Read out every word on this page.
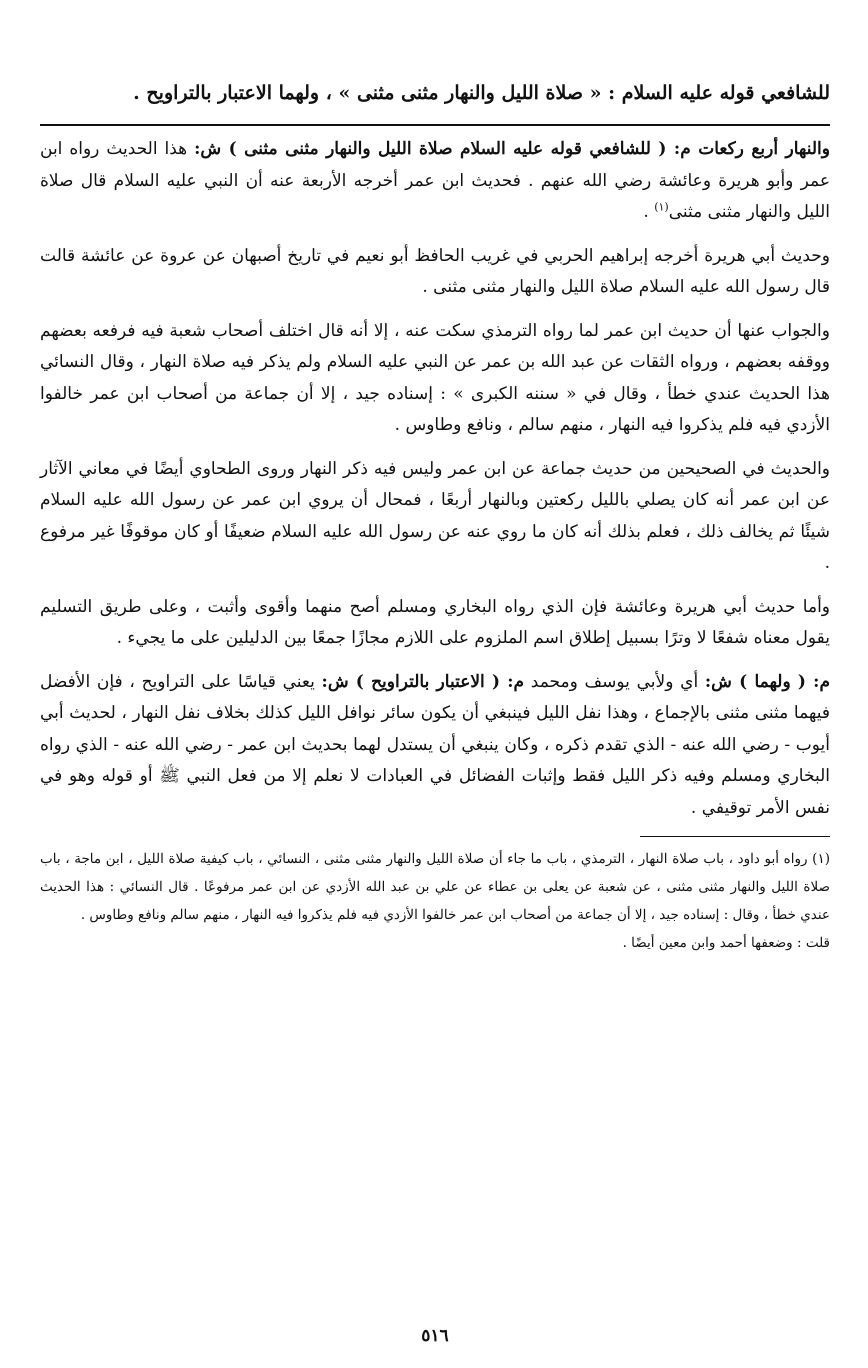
للشافعي قوله عليه السلام : « صلاة الليل والنهار مثنى مثنى » ، ولهما الاعتبار بالتراويح .

والنهار أربع ركعات م: ( للشافعي قوله عليه السلام صلاة الليل والنهار مثنى مثنى ) ش: هذا الحديث رواه ابن عمر وأبو هريرة وعائشة رضي الله عنهم . فحديث ابن عمر أخرجه الأربعة عنه أن النبي عليه السلام قال صلاة الليل والنهار مثنى مثنى$^{(١)}$ .

وحديث أبي هريرة أخرجه إبراهيم الحربي في غريب الحافظ أبو نعيم في تاريخ أصبهان عن عروة عن عائشة قالت قال رسول الله عليه السلام صلاة الليل والنهار مثنى مثنى .

والجواب عنها أن حديث ابن عمر لما رواه الترمذي سكت عنه ، إلا أنه قال اختلف أصحاب شعبة فيه فرفعه بعضهم ووقفه بعضهم ، ورواه الثقات عن عبد الله بن عمر عن النبي عليه السلام ولم يذكر فيه صلاة النهار ، وقال النسائي هذا الحديث عندي خطأ ، وقال في « سننه الكبرى » : إسناده جيد ، إلا أن جماعة من أصحاب ابن عمر خالفوا الأزدي فيه فلم يذكروا فيه النهار ، منهم سالم ، ونافع وطاوس .

والحديث في الصحيحين من حديث جماعة عن ابن عمر وليس فيه ذكر النهار وروى الطحاوي أيضًا في معاني الآثار عن ابن عمر أنه كان يصلي بالليل ركعتين وبالنهار أربعًا ، فمحال أن يروي ابن عمر عن رسول الله عليه السلام شيئًا ثم يخالف ذلك ، فعلم بذلك أنه كان ما روي عنه عن رسول الله عليه السلام ضعيفًا أو كان موقوفًا غير مرفوع .

وأما حديث أبي هريرة وعائشة فإن الذي رواه البخاري ومسلم أصح منهما وأقوى وأثبت ، وعلى طريق التسليم يقول معناه شفعًا لا وترًا بسبيل إطلاق اسم الملزوم على اللازم مجازًا جمعًا بين الدليلين على ما يجيء .

م: ( ولهما ) ش: أي ولأبي يوسف ومحمد م: ( الاعتبار بالتراويح ) ش: يعني قياسًا على التراويح ، فإن الأفضل فيهما مثنى مثنى بالإجماع ، وهذا نفل الليل فينبغي أن يكون سائر نوافل الليل كذلك بخلاف نفل النهار ، لحديث أبي أيوب - رضي الله عنه - الذي تقدم ذكره ، وكان ينبغي أن يستدل لهما بحديث ابن عمر - رضي الله عنه - الذي رواه البخاري ومسلم وفيه ذكر الليل فقط وإثبات الفضائل في العبادات لا نعلم إلا من فعل النبي ﷺ أو قوله وهو في نفس الأمر توقيفي .

(١) رواه أبو داود ، باب صلاة النهار ، الترمذي ، باب ما جاء أن صلاة الليل والنهار مثنى مثنى ، النسائي ، باب كيفية صلاة الليل ، ابن ماجة ، باب صلاة الليل والنهار مثنى مثنى ، عن شعبة عن يعلى بن عطاء عن علي بن عبد الله الأزدي عن ابن عمر مرفوعًا . قال النسائي : هذا الحديث عندي خطأ ، وقال : إسناده جيد ، إلا أن جماعة من أصحاب ابن عمر خالفوا الأزدي فيه فلم يذكروا فيه النهار ، منهم سالم ونافع وطاوس .

قلت : وضعفها أحمد وابن معين أيضًا .

٥١٦
